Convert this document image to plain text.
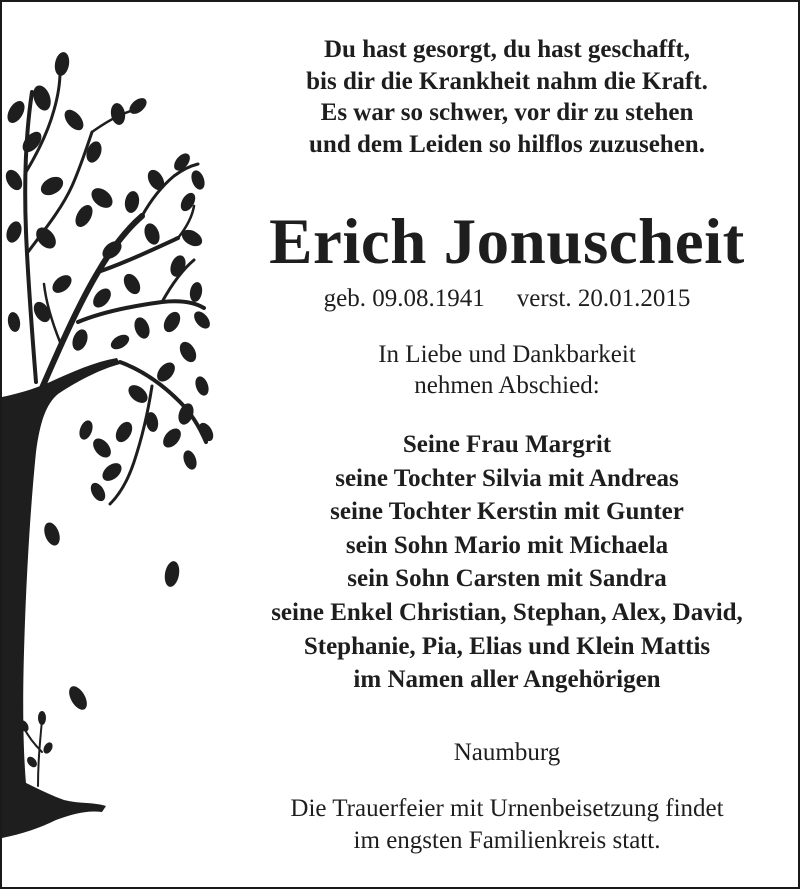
Du hast gesorgt, du hast geschafft,
bis dir die Krankheit nahm die Kraft.
Es war so schwer, vor dir zu stehen
und dem Leiden so hilflos zuzusehen.
Erich Jonuscheit
geb. 09.08.1941 verst. 20.01.2015
In Liebe und Dankbarkeit
nehmen Abschied:
Seine Frau Margrit
seine Tochter Silvia mit Andreas
seine Tochter Kerstin mit Gunter
sein Sohn Mario mit Michaela
sein Sohn Carsten mit Sandra
seine Enkel Christian, Stephan, Alex, David,
Stephanie, Pia, Elias und Klein Mattis
im Namen aller Angehörigen
Naumburg
Die Trauerfeier mit Urnenbeisetzung findet
im engsten Familienkreis statt.
